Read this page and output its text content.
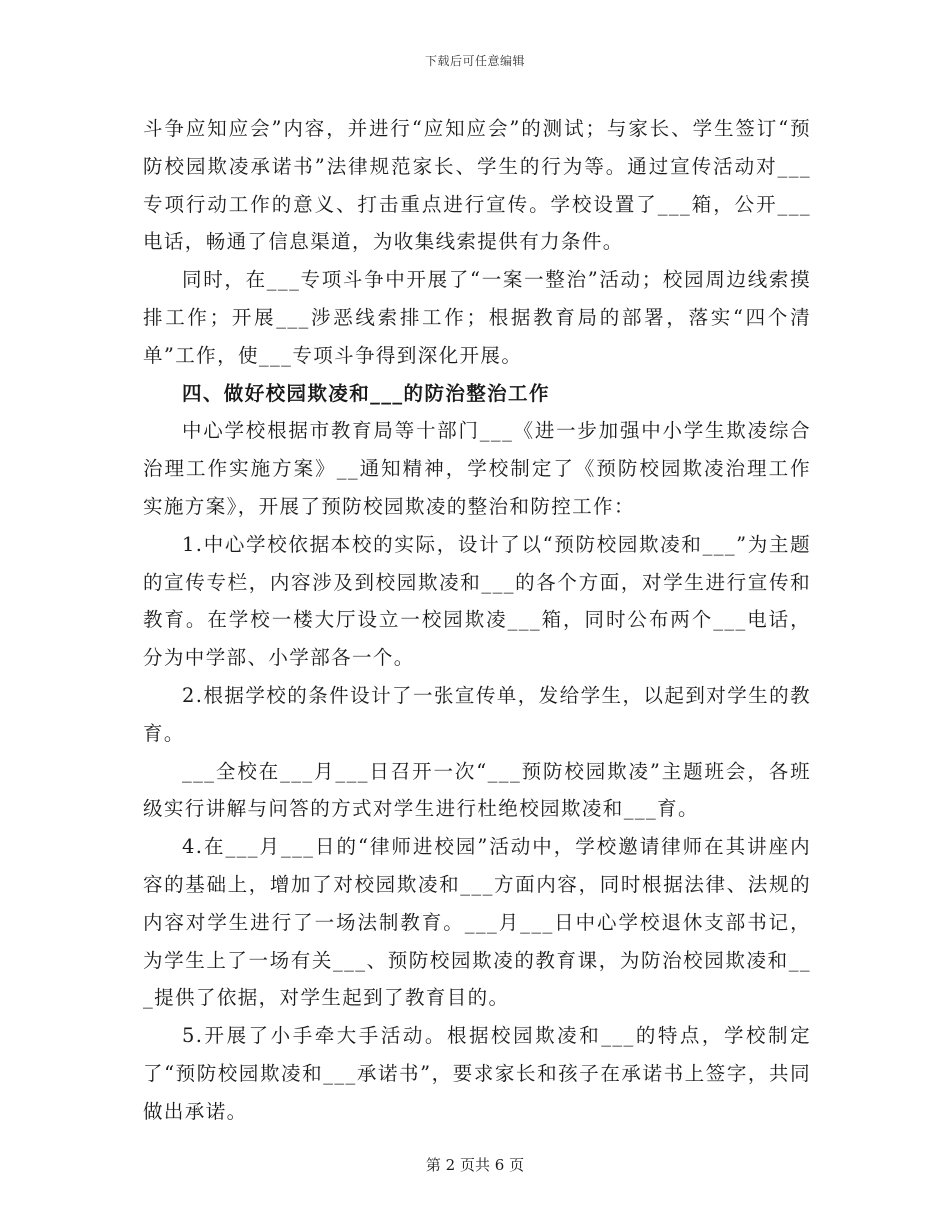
下载后可任意编辑

斗争应知应会”内容，并进行“应知应会”的测试；与家长、学生签订“预防校园欺凌承诺书”法律规范家长、学生的行为等。通过宣传活动对___专项行动工作的意义、打击重点进行宣传。学校设置了___箱，公开___电话，畅通了信息渠道，为收集线索提供有力条件。

同时，在___专项斗争中开展了“一案一整治”活动；校园周边线索摸排工作；开展___涉恶线索排工作；根据教育局的部署，落实“四个清单”工作，使___专项斗争得到深化开展。

四、做好校园欺凌和___的防治整治工作

中心学校根据市教育局等十部门___《进一步加强中小学生欺凌综合治理工作实施方案》__通知精神，学校制定了《预防校园欺凌治理工作实施方案》，开展了预防校园欺凌的整治和防控工作：

1.中心学校依据本校的实际，设计了以“预防校园欺凌和___”为主题的宣传专栏，内容涉及到校园欺凌和___的各个方面，对学生进行宣传和教育。在学校一楼大厅设立一校园欺凌___箱，同时公布两个___电话，分为中学部、小学部各一个。

2.根据学校的条件设计了一张宣传单，发给学生，以起到对学生的教育。

___全校在___月___日召开一次“___预防校园欺凌”主题班会，各班级实行讲解与问答的方式对学生进行杜绝校园欺凌和___育。

4.在___月___日的“律师进校园”活动中，学校邀请律师在其讲座内容的基础上，增加了对校园欺凌和___方面内容，同时根据法律、法规的内容对学生进行了一场法制教育。___月___日中心学校退休支部书记，为学生上了一场有关___、预防校园欺凌的教育课，为防治校园欺凌和___提供了依据，对学生起到了教育目的。

5.开展了小手牵大手活动。根据校园欺凌和___的特点，学校制定了“预防校园欺凌和___承诺书”，要求家长和孩子在承诺书上签字，共同做出承诺。

第 2 页共 6 页
